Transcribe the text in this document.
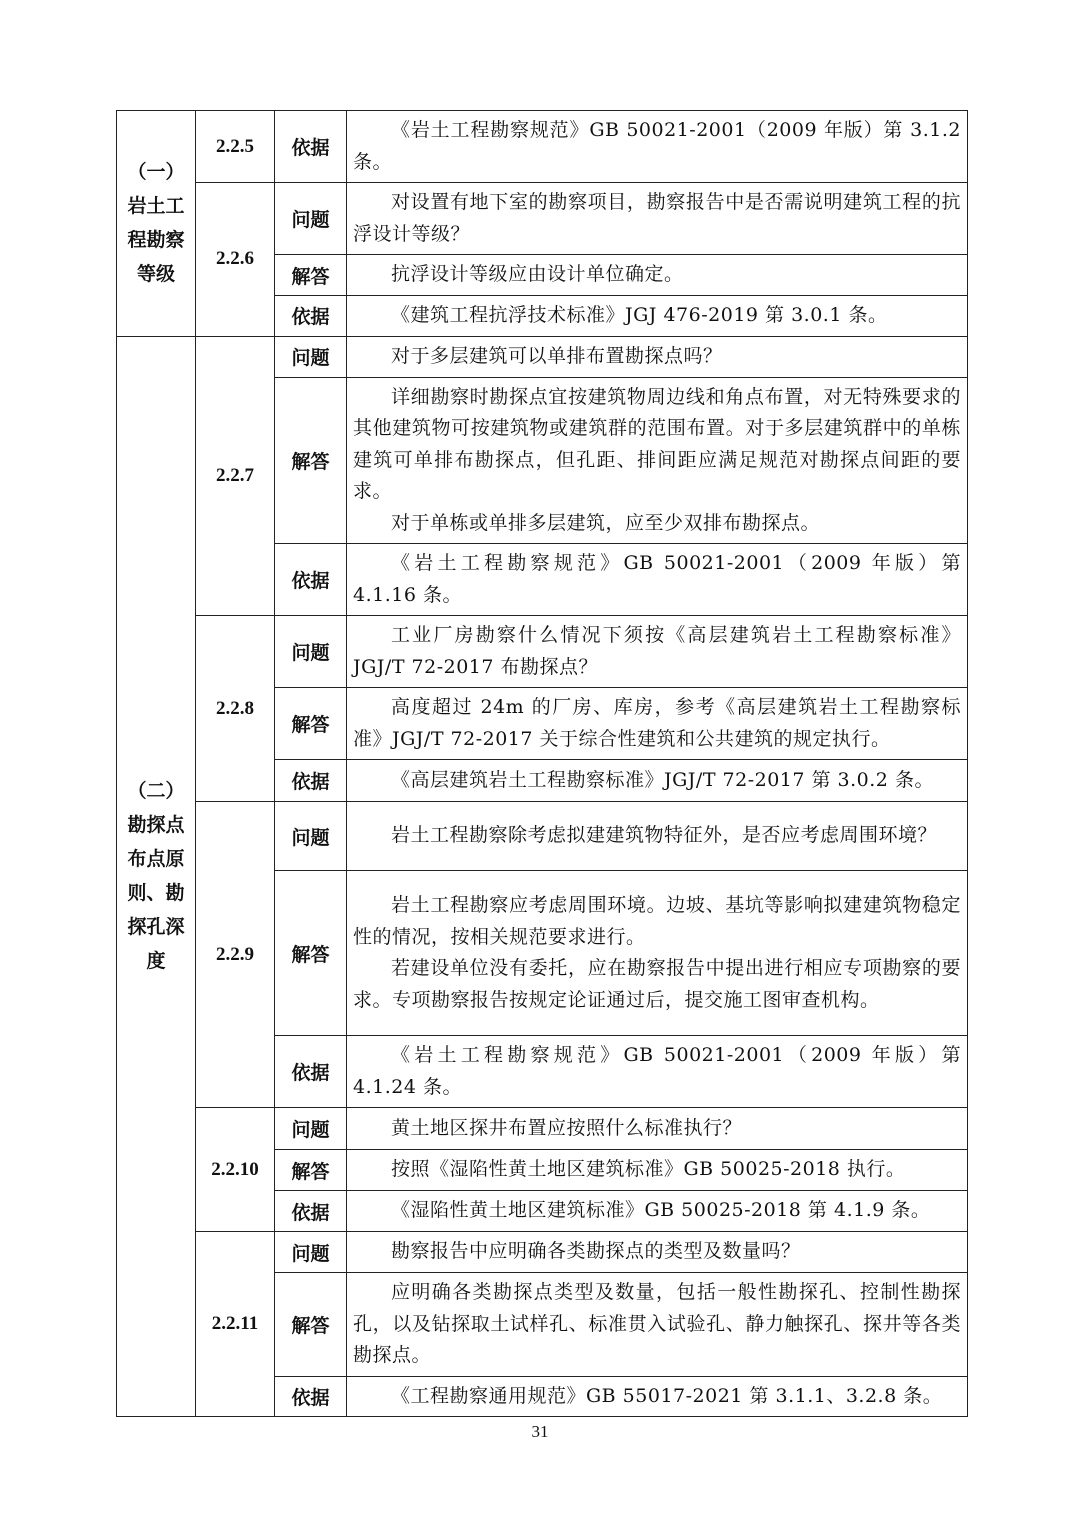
（一）
岩土工程勘察
等级	2.2.5	依据	《岩土工程勘察规范》GB 50021-2001（2009 年版）第 3.1.2 条。

	2.2.6	问题	对设置有地下室的勘察项目，勘察报告中是否需说明建筑工程的抗浮设计等级？

		解答	抗浮设计等级应由设计单位确定。

		依据	《建筑工程抗浮技术标准》JGJ 476-2019 第 3.0.1 条。

（二）
勘探点布点原则、勘探孔深度	2.2.7	问题	对于多层建筑可以单排布置勘探点吗？

		解答	详细勘察时勘探点宜按建筑物周边线和角点布置，对无特殊要求的其他建筑物可按建筑物或建筑群的范围布置。对于多层建筑群中的单栋建筑可单排布勘探点，但孔距、排间距应满足规范对勘探点间距的要求。

对于单栋或单排多层建筑，应至少双排布勘探点。

		依据	《岩土工程勘察规范》GB 50021-2001（2009 年版）第 4.1.16 条。

	2.2.8	问题	工业厂房勘察什么情况下须按《高层建筑岩土工程勘察标准》JGJ/T 72-2017 布勘探点？

		解答	高度超过 24m 的厂房、库房，参考《高层建筑岩土工程勘察标准》JGJ/T 72-2017 关于综合性建筑和公共建筑的规定执行。

		依据	《高层建筑岩土工程勘察标准》JGJ/T 72-2017 第 3.0.2 条。

	2.2.9	问题	岩土工程勘察除考虑拟建建筑物特征外，是否应考虑周围环境？

		解答	岩土工程勘察应考虑周围环境。边坡、基坑等影响拟建建筑物稳定性的情况，按相关规范要求进行。

若建设单位没有委托，应在勘察报告中提出进行相应专项勘察的要求。专项勘察报告按规定论证通过后，提交施工图审查机构。

		依据	《岩土工程勘察规范》GB 50021-2001（2009 年版）第 4.1.24 条。

	2.2.10	问题	黄土地区探井布置应按照什么标准执行？

		解答	按照《湿陷性黄土地区建筑标准》GB 50025-2018 执行。

		依据	《湿陷性黄土地区建筑标准》GB 50025-2018 第 4.1.9 条。

	2.2.11	问题	勘察报告中应明确各类勘探点的类型及数量吗？

		解答	应明确各类勘探点类型及数量，包括一般性勘探孔、控制性勘探孔，以及钻探取土试样孔、标准贯入试验孔、静力触探孔、探井等各类勘探点。

		依据	《工程勘察通用规范》GB 55017-2021 第 3.1.1、3.2.8 条。

31
